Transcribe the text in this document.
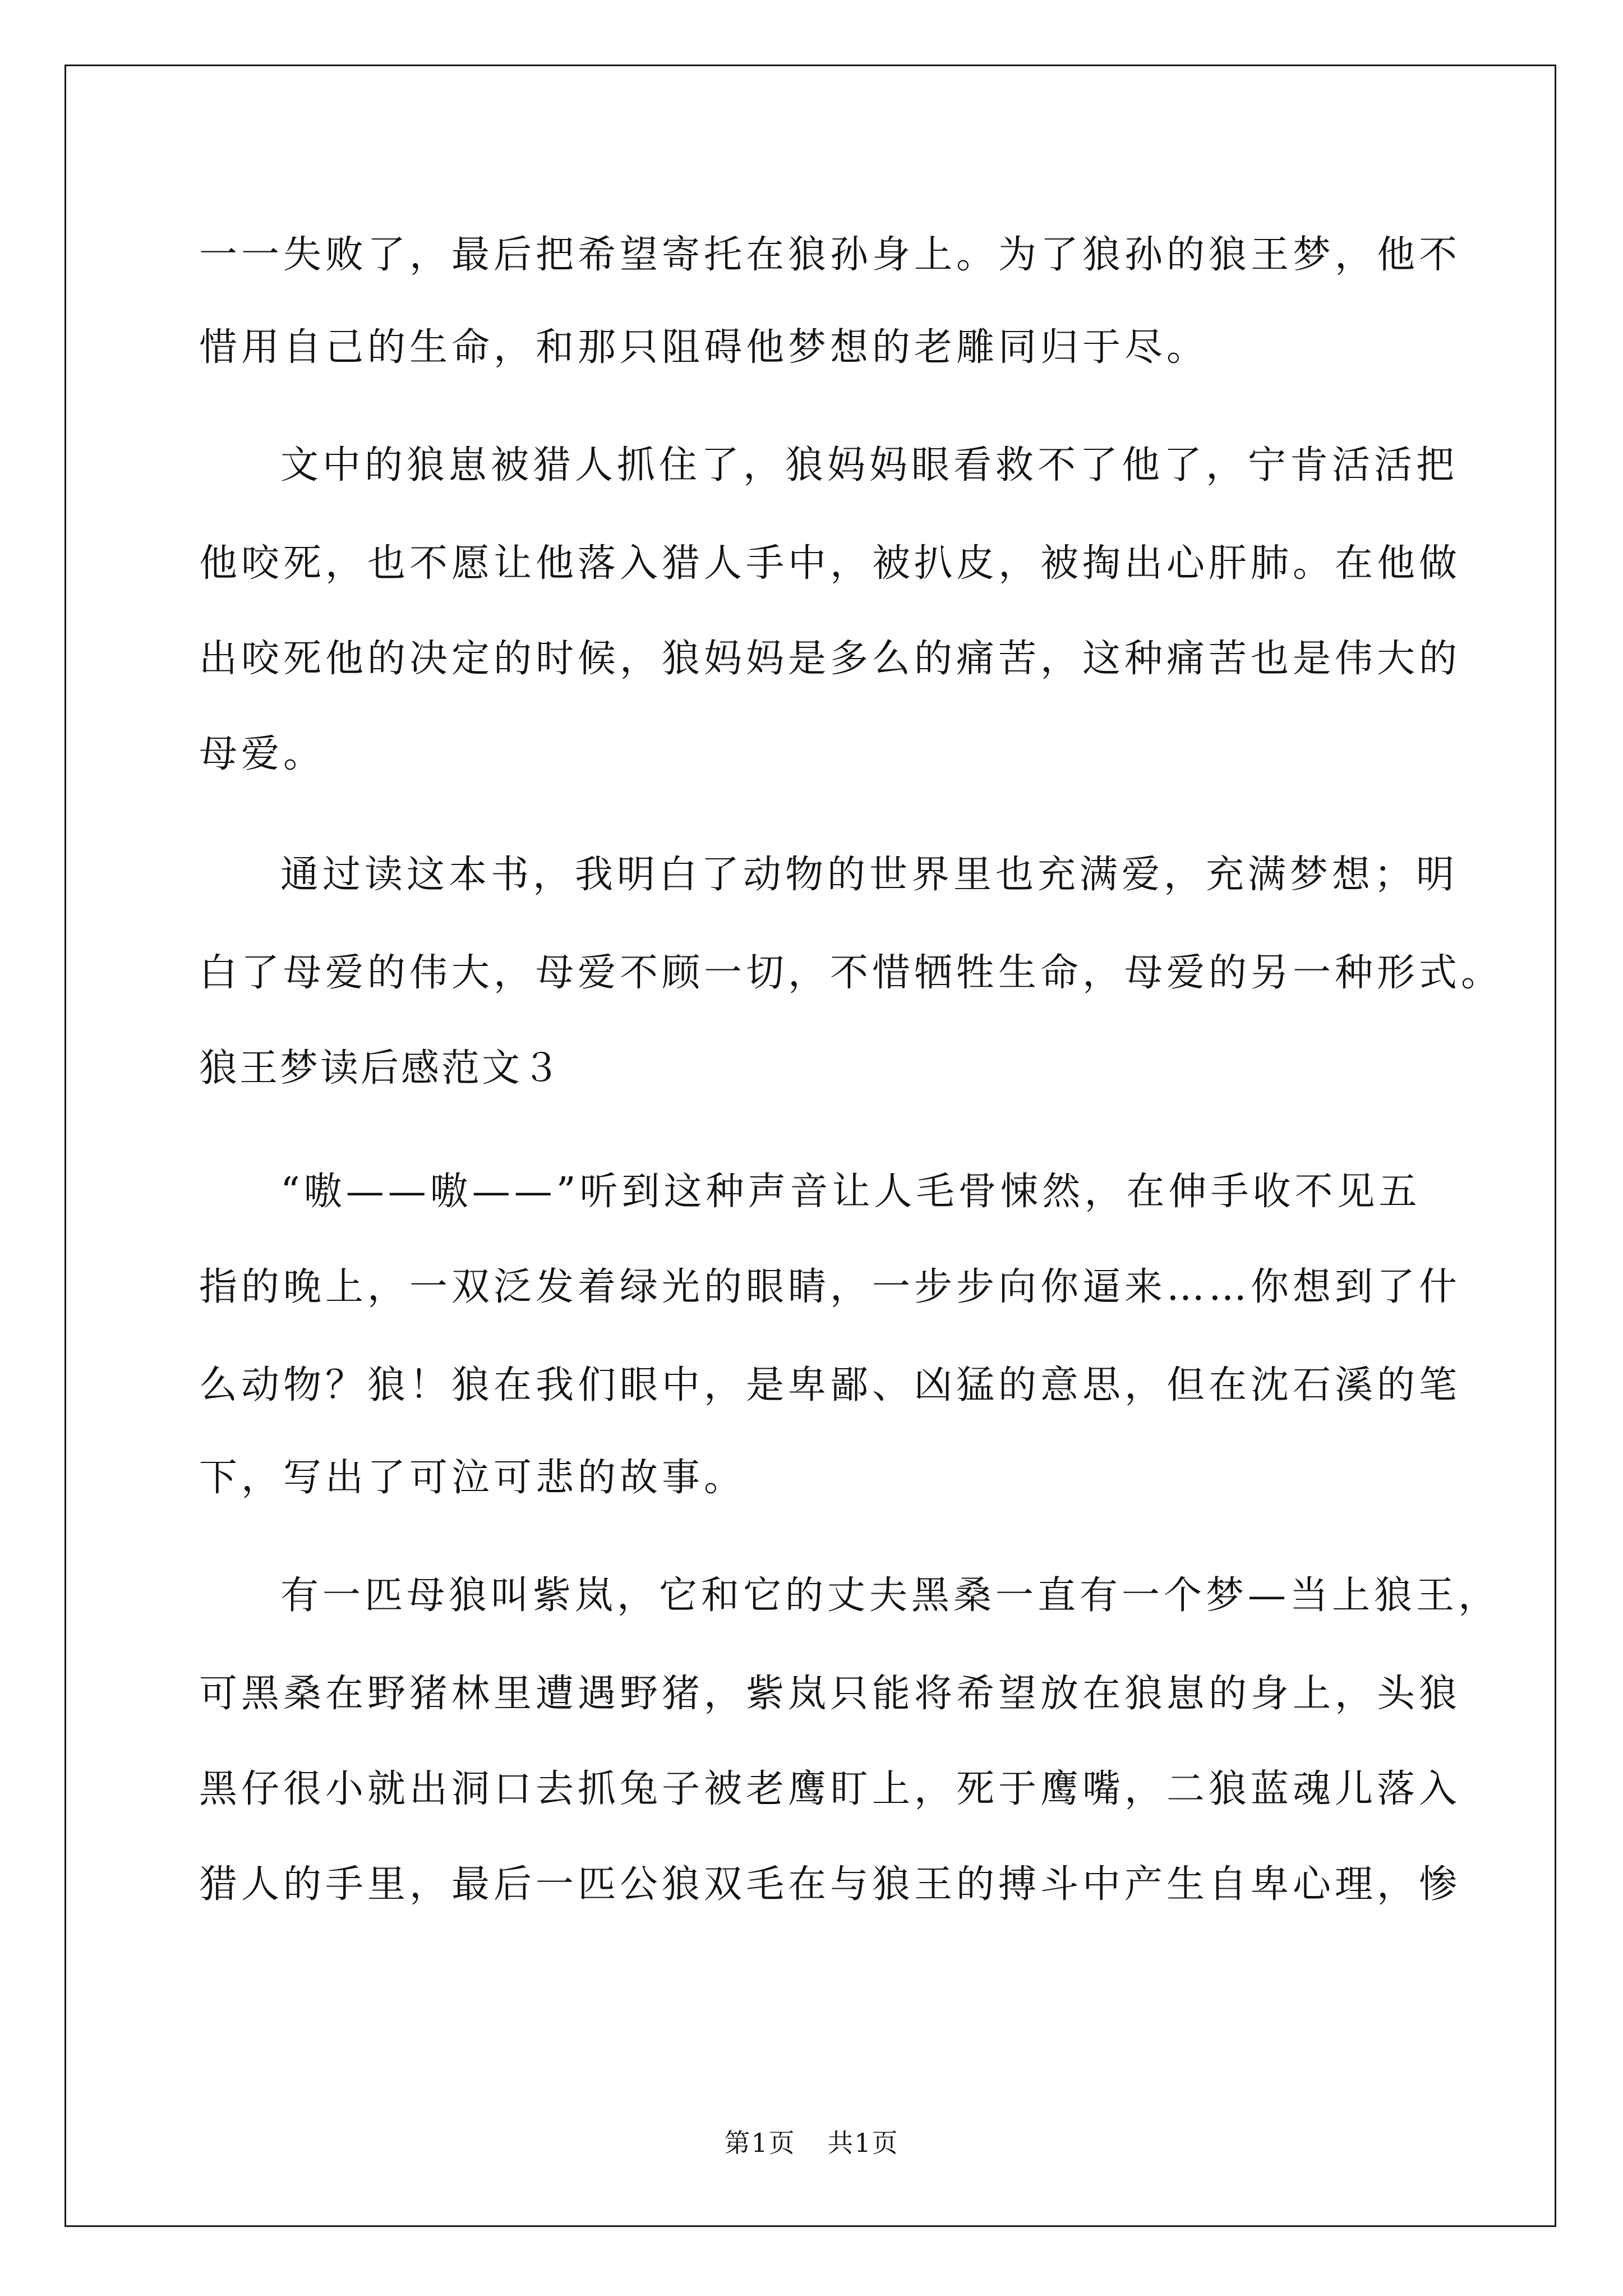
一一失败了，最后把希望寄托在狼孙身上。为了狼孙的狼王梦，他不
惜用自己的生命，和那只阻碍他梦想的老雕同归于尽。
文中的狼崽被猎人抓住了，狼妈妈眼看救不了他了，宁肯活活把
他咬死，也不愿让他落入猎人手中，被扒皮，被掏出心肝肺。在他做
出咬死他的决定的时候，狼妈妈是多么的痛苦，这种痛苦也是伟大的
母爱。
通过读这本书，我明白了动物的世界里也充满爱，充满梦想；明
白了母爱的伟大，母爱不顾一切，不惜牺牲生命，母爱的另一种形式。
狼王梦读后感范文３
“嗷——嗷——”听到这种声音让人毛骨悚然，在伸手收不见五
指的晚上，一双泛发着绿光的眼睛，一步步向你逼来……你想到了什
么动物？狼！狼在我们眼中，是卑鄙、凶猛的意思，但在沈石溪的笔
下，写出了可泣可悲的故事。
有一匹母狼叫紫岚，它和它的丈夫黑桑一直有一个梦—当上狼王，
可黑桑在野猪林里遭遇野猪，紫岚只能将希望放在狼崽的身上，头狼
黑仔很小就出洞口去抓兔子被老鹰盯上，死于鹰嘴，二狼蓝魂儿落入
猎人的手里，最后一匹公狼双毛在与狼王的搏斗中产生自卑心理，惨
第1页 共1页
